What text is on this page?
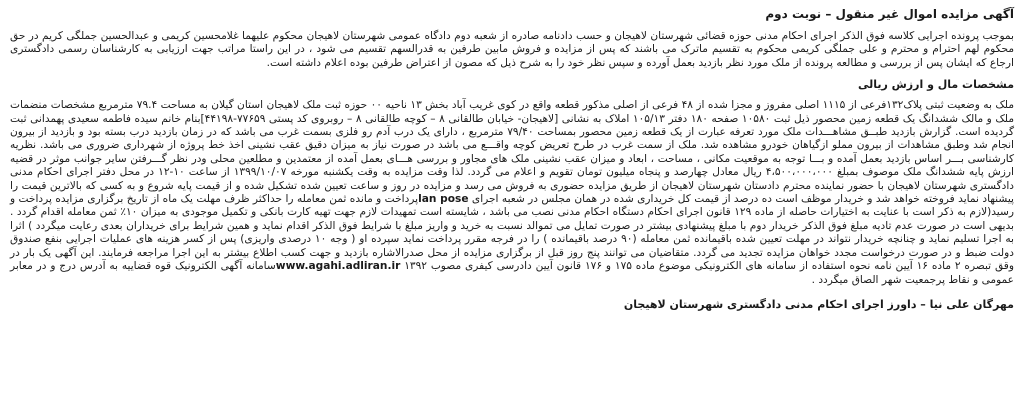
آگهی مزایده اموال غیر منقول – نوبت دوم

بموجب پرونده اجرایی کلاسه فوق الذکر اجرای احکام مدنی حوزه قضائی شهرستان لاهیجان و حسب دادنامه صادره از شعبه دوم دادگاه عمومی شهرستان لاهیجان محکوم علیهما غلامحسین کریمی و عبدالحسین جملگی کریم در حق محکوم لهم احترام و محترم و علی جملگی کریمی محکوم به تقسیم ماترک می باشند که پس از مزایده و فروش مابین طرفین به قدرالسهم تقسیم می شود ، در این راستا مراتب جهت ارزیابی به کارشناسان رسمی دادگستری ارجاع که ایشان پس از بررسی و مطالعه پرونده از ملک مورد نظر بازدید بعمل آورده و سپس نظر خود را به شرح ذیل که مصون از اعتراض طرفین بوده اعلام داشته است.

مشخصات مال و ارزش ریالی

ملک به وضعیت ثبتی پلاک۱۳۲فرعی از ۱۱۱۵ اصلی مفروز و مجزا شده از ۴۸ فرعی از اصلی مذکور قطعه واقع در کوی غریب آباد بخش ۱۳ ناحیه ۰۰ حوزه ثبت ملک لاهیجان استان گیلان به مساحت ۷۹.۴ مترمربع مشخصات منضمات ملک و مالک ششدانگ یک قطعه زمین محصور ذیل ثبت ۱۰۵۸۰ صفحه ۱۸۰ دفتر ۱۰۵/۱۳ املاک به نشانی [لاهیجان- خیابان طالقانی ۸ – کوچه طالقانی ۸ – روبروی کد پستی ۷۷۶۵۹-۴۴۱۹۸]بنام خانم سیده فاطمه سعیدی پهمدانی ثبت گردیده است. گزارش بازدید طبــق مشاهـــدات ملک مورد تعرفه عبارت از یک قطعه زمین محصور بمساحت ۷۹/۴۰ مترمربع ، دارای یک درب آدم رو فلزی بسمت غرب می باشد که در زمان بازدید درب بسته بود و بازدید از بیرون انجام شد وطبق مشاهدات از بیرون مملو ازگیاهان خودرو مشاهده شد. ملک از سمت غرب در طرح تعریض کوچه واقـــع می باشد در صورت نیاز به میزان دقیق عقب نشینی اخذ خط پروژه از شهرداری ضروری می باشد. نظریه کارشناسی بـــر اساس بازدید بعمل آمده و بـــا توجه به موقعیت مکانی ، مساحت ، ابعاد و میزان عقب نشینی ملک های مجاور و بررسی هـــای بعمل آمده از معتمدین و مطلعین محلی ودر نظر گـــرفتن سایر جوانب موثر در قضیه ارزش پایه ششدانگ ملک موصوف بمبلغ ۴،۵۰۰،۰۰۰،۰۰۰ ریال معادل چهارصد و پنجاه میلیون تومان تقویم و اعلام می گردد. لذا وقت مزایده به وقت یکشنبه مورخه ۱۳۹۹/۱۰/۰۷ از ساعت ۱۰-۱۲ در محل دفتر اجرای احکام مدنی دادگستری شهرستان لاهیجان با حضور نماینده محترم دادستان شهرستان لاهیجان از طریق مزایده حضوری به فروش می رسد و مزایده در روز و ساعت تعیین شده تشکیل شده و از قیمت پایه شروع و به کسی که بالاترین قیمت را پیشنهاد نماید فروخته خواهد شد و خریدار موظف است ده درصد از قیمت کل خریداری شده در همان مجلس در شعبه اجرای lan poseپرداخت و مانده ثمن معامله را حداکثر ظرف مهلت یک ماه از تاریخ برگزاری مزایده پرداخت و رسید(لازم به ذکر است با عنایت به اختیارات حاصله از ماده ۱۲۹ قانون اجرای احکام دستگاه احکام مدنی نصب می باشد ، شایسته است تمهیدات لازم جهت تهیه کارت بانکی و تکمیل موجودی به میزان ۱۰٪ ثمن معامله اقدام گردد . بدیهی است در صورت عدم تادیه مبلغ فوق الذکر خریدار دوم با مبلغ پیشنهادی بیشتر در صورت تمایل می تموالد نسبت به خرید و واریز مبلغ با شرایط فوق الذکر اقدام نماید و همین شرایط برای خریداران بعدی رعایت میگردد ) اثرا به اجرا تسلیم نماید و چنانچه خریدار نتواند در مهلت تعیین شده باقیمانده ثمن معامله (۹۰ درصد باقیمانده ) را در فرجه مقرر پرداخت نماید سپرده او ( وجه ۱۰ درصدی واریزی) پس از کسر هزینه های عملیات اجرایی بنفع صندوق دولت ضبط و در صورت درخواست مجدد خواهان مزایده تجدید می گردد. متقاضیان می توانند پنج روز قبل از برگزاری مزایده از محل صدرالاشاره بازدید و جهت کسب اطلاع بیشتر به این اجرا مراجعه فرمایند. این آگهی یک بار در وقق تبصره ۲ ماده ۱۶ آیین نامه نحوه استفاده از سامانه های الکترونیکی موضوع ماده ۱۷۵ و ۱۷۶ قانون آیین دادرسی کیفری مصوب ۱۳۹۲ www.agahi.adliran.irسامانه آگهی الکترونیک قوه قضاییه به آدرس درج و در معابر عمومی و نقاط پرجمعیت شهر الصاق میگردد .

مهرگان علی نیا – داورز اجرای احکام مدنی دادگستری شهرستان لاهیجان
